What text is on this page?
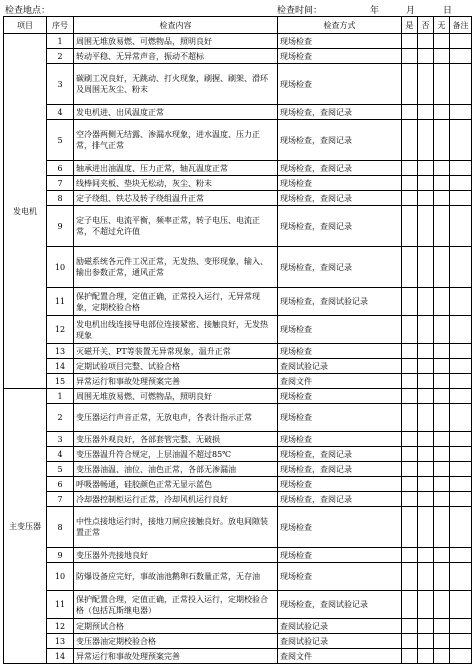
检查地点：	检查时间：	年	月	日
项目	序号	检查内容	检查方式	是	否	无	备注
发电机	1	周围无堆放易燃、可燃物品，照明良好	现场检查				
	2	转动平稳、无异常声音，振动不超标	现场检查				
	3	碳刷工况良好，无跳动、打火现象，刷握、刷架、滑环及周围无灰尘、粉末	现场检查				
	4	发电机进、出风温度正常	现场检查，查阅记录				
	5	空冷器两侧无结露、渗漏水现象，进水温度、压力正常，排气正常	现场检查，查阅记录				
	6	轴承进出油温度、压力正常，轴瓦温度正常	现场检查，查阅记录				
	7	线棒间夹板、垫块无松动，灰尘、粉末	现场检查				
	8	定子绕组、铁芯及转子绕组温升正常	现场检查，查阅记录				
	9	定子电压、电流平衡，频率正常，转子电压、电流正常，不超过允许值	现场检查，查阅记录				
	10	励磁系统各元件工况正常，无发热、变形现象，输入、输出参数正常，通风正常	现场检查，查阅记录				
	11	保护配置合理，定值正确，正常投入运行，无异常现象，定期校验合格	现场检查，查阅试验记录				
	12	发电机出线连接导电部位连接紧密、接触良好，无发热现象	现场检查				
	13	灭磁开关、PT等装置无异常现象，温升正常	现场检查				
	14	定期试验项目完整、试验合格	查阅试验记录				
	15	异常运行和事故处理预案完善	查阅文件				
主变压器	1	周围无堆放易燃、可燃物品，照明良好	现场检查				
	2	变压器运行声音正常，无放电声，各表计指示正常	现场检查				
	3	变压器外观良好，各部套管完整、无破损	现场检查				
	4	变压器温升符合规定，上层油温不超过85℃	现场检查，查阅记录				
	5	变压器油温、油位、油色正常，各部无渗漏油	现场检查，查阅记录				
	6	呼吸器畅通，硅胶颜色正常无显示蓝色	现场检查				
	7	冷却器控制柜运行正常，冷却风机运行良好	现场检查，查阅记录				
	8	中性点接地运行时，接地刀闸应接触良好。放电间隙装置正常	现场检查				
	9	变压器外壳接地良好	现场检查				
	10	防爆设备应完好，事故油池鹅卵石数量正常，无存油	现场检查				
	11	保护配置合理，定值正确，正常投入运行，定期校验合格（包括瓦斯继电器）	现场检查，查阅试验记录				
	12	定期预试合格	查阅试验记录				
	13	变压器油定期校验合格	查阅试验记录				
	14	异常运行和事故处理预案完善	查阅文件				
